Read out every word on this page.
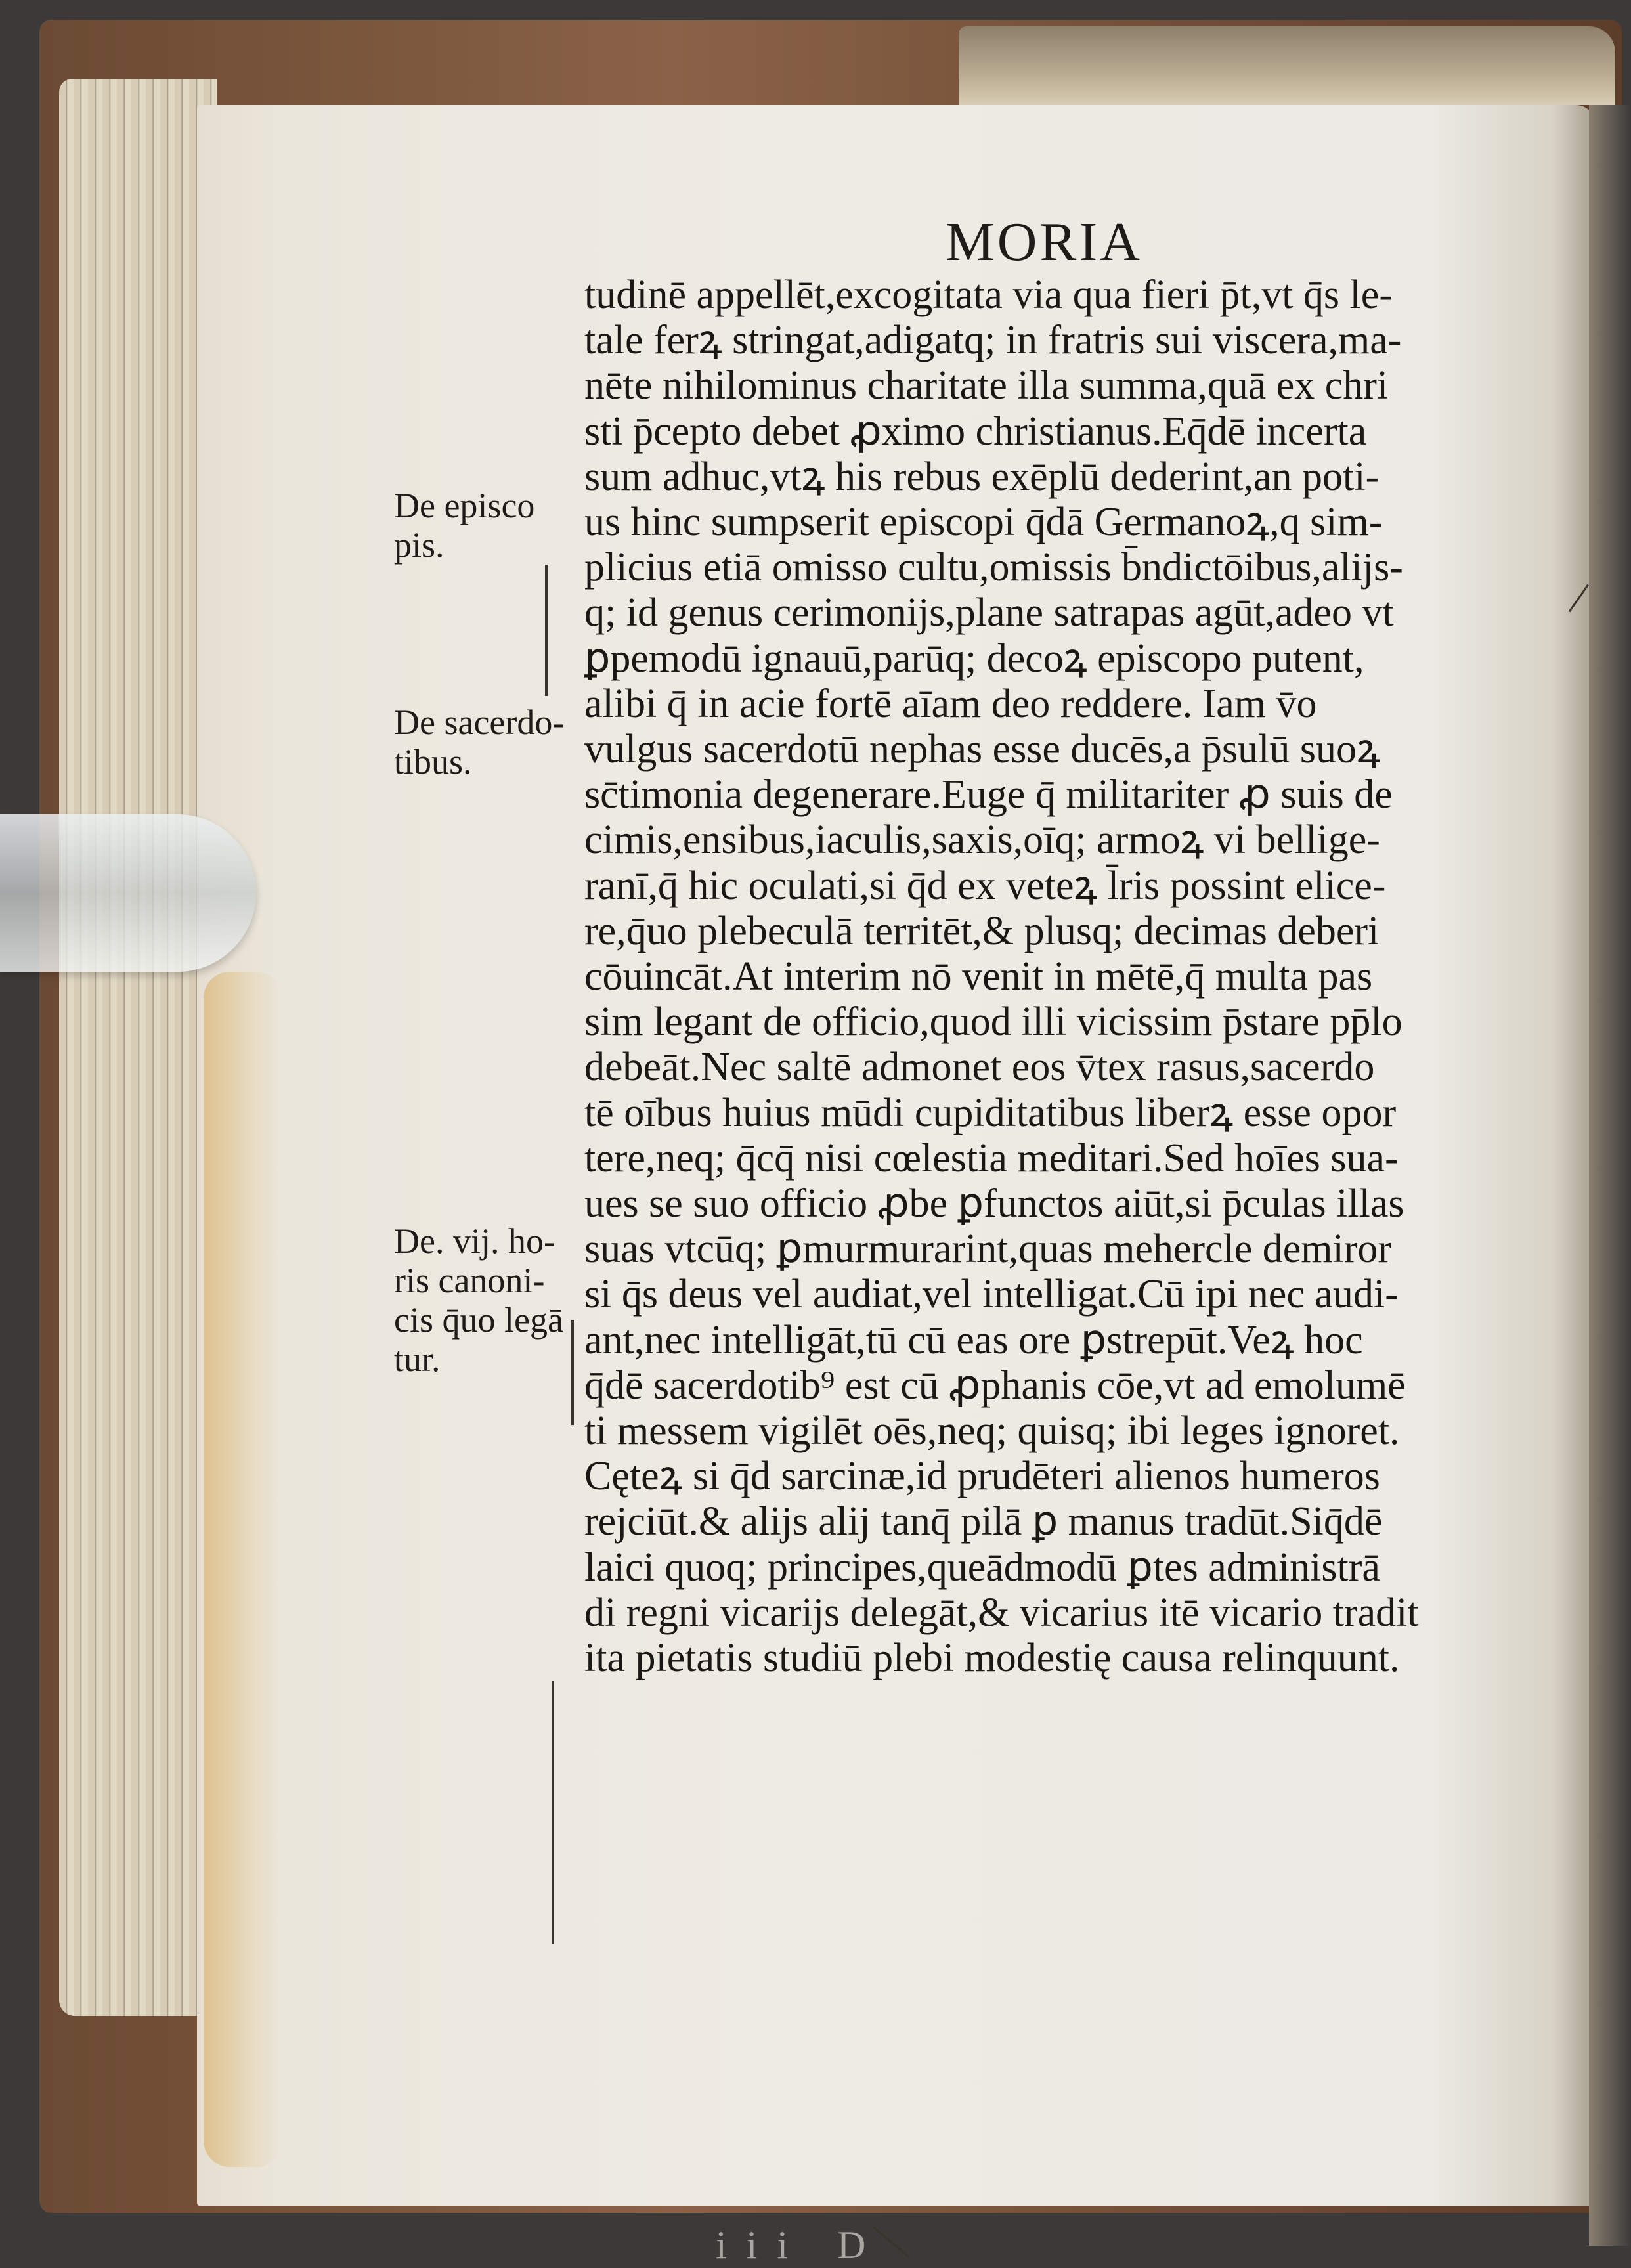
MORIA
tudinē appellēt,excogitata via qua fieri p̄t,vt q̄s le-
tale ferꝝ stringat,adigatq; in fratris sui viscera,ma-
nēte nihilominus charitate illa summa,quā ex chri
sti p̄cepto debet ꝓximo christianus.Eq̄dē incerta
sum adhuc,vtꝝ his rebus exēplū dederint,an poti-
us hinc sumpserit episcopi q̄dā Germanoꝝ,q sim-
plicius etiā omisso cultu,omissis b̄ndictōibus,alijs-
q; id genus cerimonijs,plane satrapas agūt,adeo vt
ꝑpemodū ignauū,parūq; decoꝝ episcopo putent,
alibi q̄ in acie fortē aīam deo reddere. Iam v̄o
vulgus sacerdotū nephas esse ducēs,a p̄sulū suoꝝ
sc̄timonia degenerare.Euge q̄ militariter ꝓ suis de
cimis,ensibus,iaculis,saxis,oīq; armoꝝ vi bellige-
ranī,q̄ hic oculati,si q̄d ex veteꝝ l̄ris possint elice-
re,q̄uo plebeculā territēt,& plusq; decimas deberi
cōuincāt.At interim nō venit in mētē,q̄ multa pas
sim legant de officio,quod illi vicissim p̄stare pp̄lo
debeāt.Nec saltē admonet eos v̄tex rasus,sacerdo
tē oībus huius mūdi cupiditatibus liberꝝ esse opor
tere,neq; q̄cq̄ nisi cœlestia meditari.Sed hoīes sua-
ues se suo officio ꝓbe ꝑfunctos aiūt,si p̄culas illas
suas vtcūq; ꝑmurmurarint,quas mehercle demiror
si q̄s deus vel audiat,vel intelligat.Cū ipi nec audi-
ant,nec intelligāt,tū cū eas ore ꝑstrepūt.Veꝝ hoc
q̄dē sacerdotib⁹ est cū ꝓphanis cōe,vt ad emolumē
ti messem vigilēt oēs,neq; quisq; ibi leges ignoret.
Cęteꝝ si q̄d sarcinæ,id prudēteri alienos humeros
rejciūt.& alijs alij tanq̄ pilā ꝑ manus tradūt.Siq̄dē
laici quoq; principes,queādmodū ꝑtes administrā
di regni vicarijs delegāt,& vicarius itē vicario tradit
ita pietatis studiū plebi modestię causa relinquunt.
De episco
pis.
De sacerdo-
tibus.
De. vij. ho-
ris canoni-
cis q̄uo legā
tur.
iii D
